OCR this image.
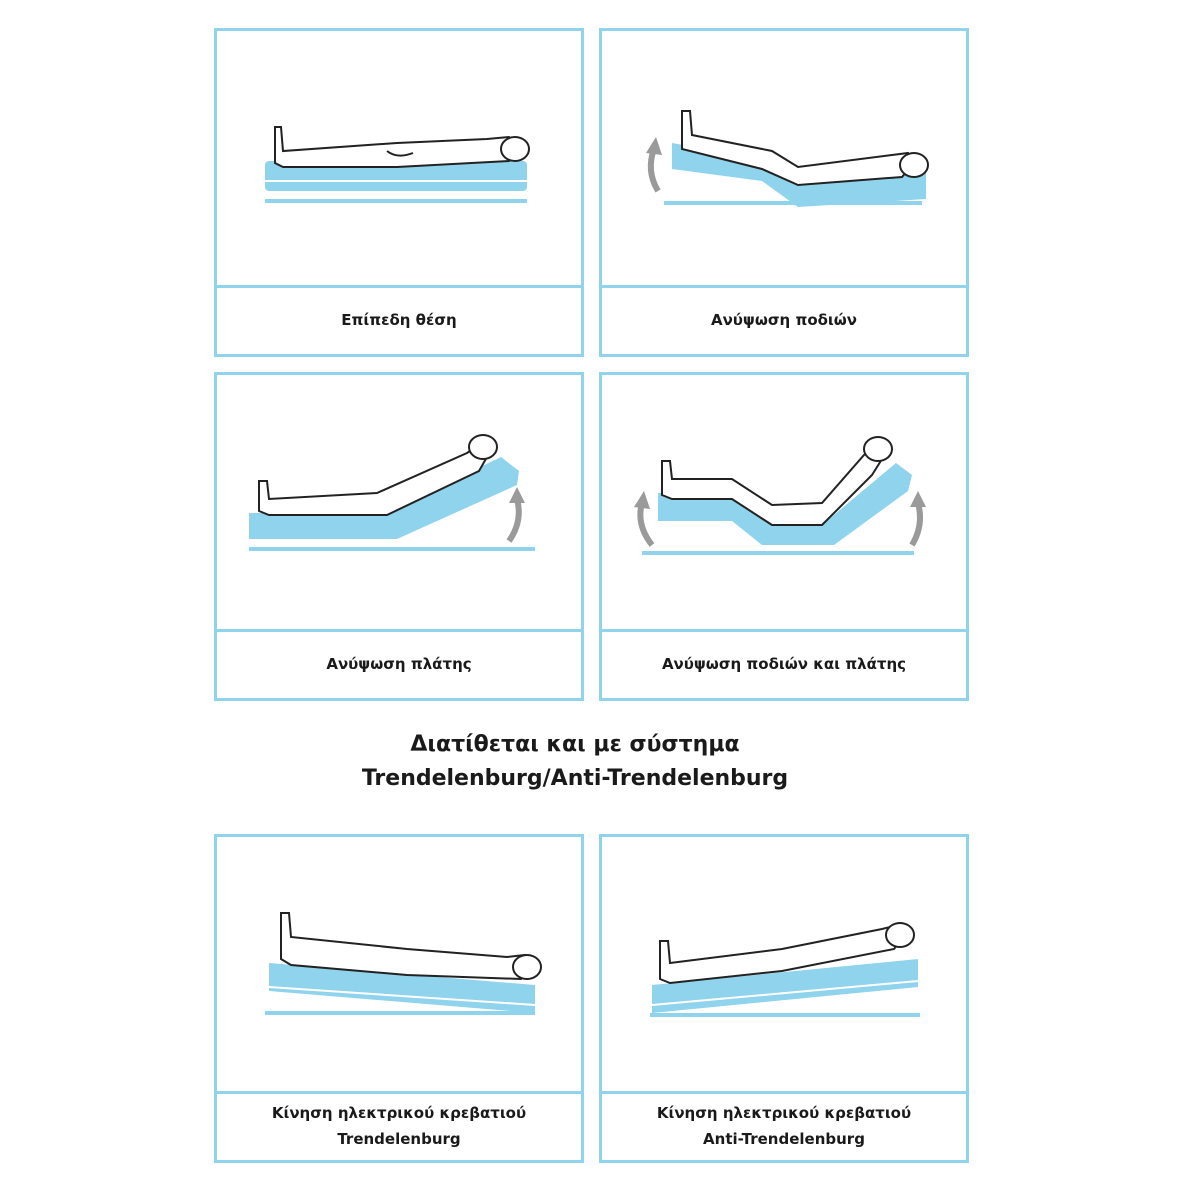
Επίπεδη θέση	Ανύψωση ποδιών
Ανύψωση πλάτης	Ανύψωση ποδιών και πλάτης
Διατίθεται και με σύστημα
Trendelenburg/Anti-Trendelenburg
Κίνηση ηλεκτρικού κρεβατιού
Trendelenburg
Κίνηση ηλεκτρικού κρεβατιού
Anti-Trendelenburg
